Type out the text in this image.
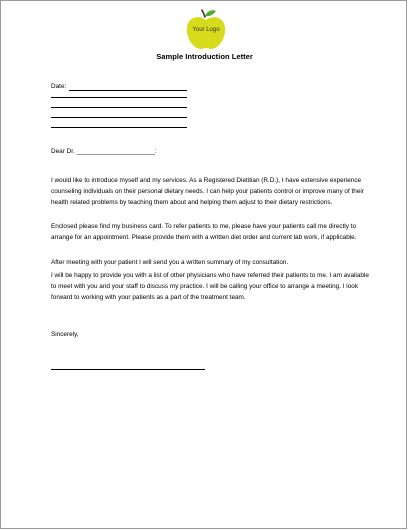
Your Logo
Sample Introduction Letter
Date:
Dear Dr. ______________________:
I would like to introduce myself and my services. As a Registered Dietitian (R.D.), I have extensive experience counseling individuals on their personal dietary needs. I can help your patients control or improve many of their health related problems by teaching them about and helping them adjust to their dietary restrictions.
Enclosed please find my business card. To refer patients to me, please have your patients call me directly to arrange for an appointment. Please provide them with a written diet order and current lab work, if applicable.
After meeting with your patient I will send you a written summary of my consultation.
I will be happy to provide you with a list of other physicians who have referred their patients to me. I am available to meet with you and your staff to discuss my practice. I will be calling your office to arrange a meeting. I look forward to working with your patients as a part of the treatment team.
Sincerely,
